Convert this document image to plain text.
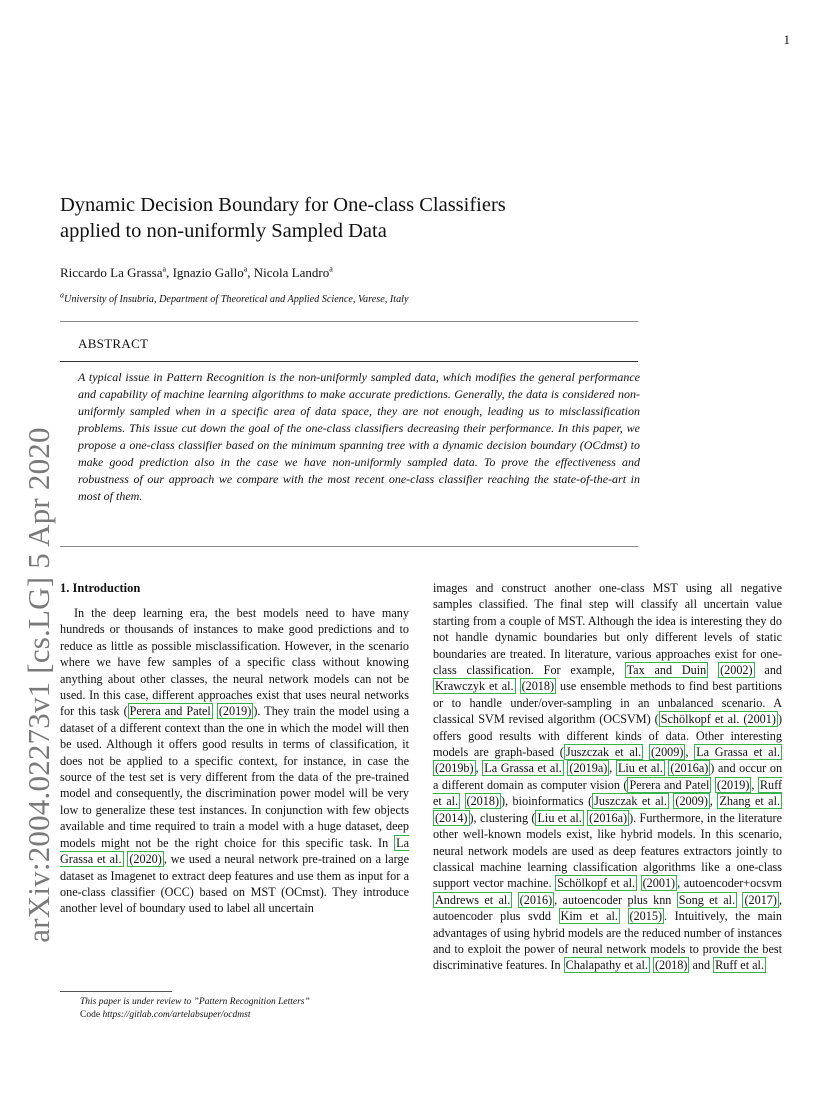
1
arXiv:2004.02273v1 [cs.LG] 5 Apr 2020
Dynamic Decision Boundary for One-class Classifiers
applied to non-uniformly Sampled Data
Riccardo La Grassa$^a$, Ignazio Gallo$^a$, Nicola Landro$^a$
$^a$University of Insubria, Department of Theoretical and Applied Science, Varese, Italy
ABSTRACT
A typical issue in Pattern Recognition is the non-uniformly sampled data, which modifies the general performance and capability of machine learning algorithms to make accurate predictions. Generally, the data is considered non-uniformly sampled when in a specific area of data space, they are not enough, leading us to misclassification problems. This issue cut down the goal of the one-class classifiers decreasing their performance. In this paper, we propose a one-class classifier based on the minimum spanning tree with a dynamic decision boundary (OCdmst) to make good prediction also in the case we have non-uniformly sampled data. To prove the effectiveness and robustness of our approach we compare with the most recent one-class classifier reaching the state-of-the-art in most of them.
1. Introduction
In the deep learning era, the best models need to have many hundreds or thousands of instances to make good predictions and to reduce as little as possible misclassification. However, in the scenario where we have few samples of a specific class without knowing anything about other classes, the neural network models can not be used. In this case, different approaches exist that uses neural networks for this task ( Perera and Patel (2019) ). They train the model using a dataset of a different context than the one in which the model will then be used. Although it offers good results in terms of classification, it does not be applied to a specific context, for instance, in case the source of the test set is very different from the data of the pre-trained model and consequently, the discrimination power model will be very low to generalize these test instances. In conjunction with few objects available and time required to train a model with a huge dataset, deep models might not be the right choice for this specific task. In La Grassa et al. (2020) , we used a neural network pre-trained on a large dataset as Imagenet to extract deep features and use them as input for a one-class classifier (OCC) based on MST (OCmst). They introduce another level of boundary used to label all uncertain
images and construct another one-class MST using all negative samples classified. The final step will classify all uncertain value starting from a couple of MST. Although the idea is interesting they do not handle dynamic boundaries but only different levels of static boundaries are treated. In literature, various approaches exist for one-class classification. For example, Tax and Duin (2002) and Krawczyk et al. (2018) use ensemble methods to find best partitions or to handle under/over-sampling in an unbalanced scenario. A classical SVM revised algorithm (OCSVM) ( Schölkopf et al. (2001) ) offers good results with different kinds of data. Other interesting models are graph-based ( Juszczak et al. (2009) , La Grassa et al. (2019b) , La Grassa et al. (2019a) , Liu et al. (2016a) ) and occur on a different domain as computer vision ( Perera and Patel (2019) , Ruff et al. (2018) ), bioinformatics ( Juszczak et al. (2009) , Zhang et al. (2014) ), clustering ( Liu et al. (2016a) ). Furthermore, in the literature other well-known models exist, like hybrid models. In this scenario, neural network models are used as deep features extractors jointly to classical machine learning classification algorithms like a one-class support vector machine. Schölkopf et al. (2001) , autoencoder+ocsvm Andrews et al. (2016) , autoencoder plus knn Song et al. (2017) , autoencoder plus svdd Kim et al. (2015) . Intuitively, the main advantages of using hybrid models are the reduced number of instances and to exploit the power of neural network models to provide the best discriminative features. In Chalapathy et al. (2018) and Ruff et al.
This paper is under review to ”Pattern Recognition Letters”
Code https://gitlab.com/artelabsuper/ocdmst
